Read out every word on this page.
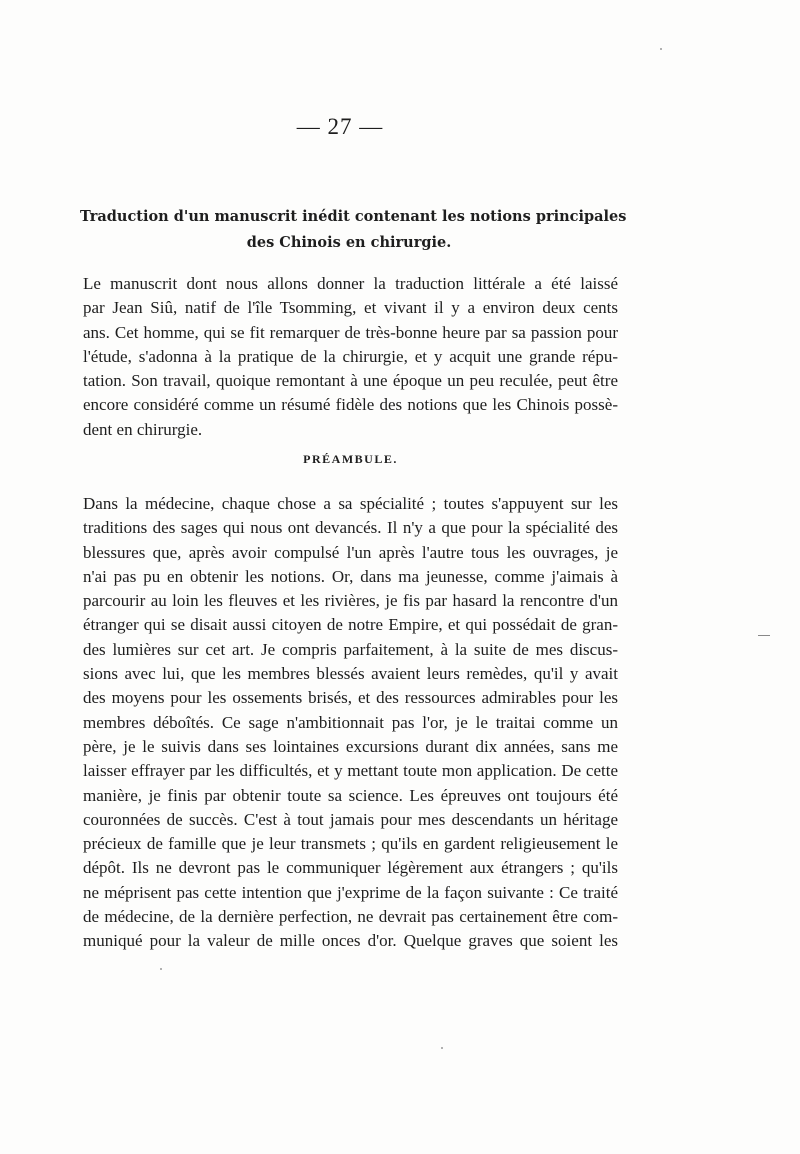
— 27 —
Traduction d'un manuscrit inédit contenant les notions principales
des Chinois en chirurgie.
Le manuscrit dont nous allons donner la traduction littérale a été laissé
par Jean Siû, natif de l'île Tsomming, et vivant il y a environ deux cents
ans. Cet homme, qui se fit remarquer de très-bonne heure par sa passion pour
l'étude, s'adonna à la pratique de la chirurgie, et y acquit une grande répu-
tation. Son travail, quoique remontant à une époque un peu reculée, peut être
encore considéré comme un résumé fidèle des notions que les Chinois possè-
dent en chirurgie.
PRÉAMBULE.
Dans la médecine, chaque chose a sa spécialité ; toutes s'appuyent sur les
traditions des sages qui nous ont devancés. Il n'y a que pour la spécialité des
blessures que, après avoir compulsé l'un après l'autre tous les ouvrages, je
n'ai pas pu en obtenir les notions. Or, dans ma jeunesse, comme j'aimais à
parcourir au loin les fleuves et les rivières, je fis par hasard la rencontre d'un
étranger qui se disait aussi citoyen de notre Empire, et qui possédait de gran-
des lumières sur cet art. Je compris parfaitement, à la suite de mes discus-
sions avec lui, que les membres blessés avaient leurs remèdes, qu'il y avait
des moyens pour les ossements brisés, et des ressources admirables pour les
membres déboîtés. Ce sage n'ambitionnait pas l'or, je le traitai comme un
père, je le suivis dans ses lointaines excursions durant dix années, sans me
laisser effrayer par les difficultés, et y mettant toute mon application. De cette
manière, je finis par obtenir toute sa science. Les épreuves ont toujours été
couronnées de succès. C'est à tout jamais pour mes descendants un héritage
précieux de famille que je leur transmets ; qu'ils en gardent religieusement le
dépôt. Ils ne devront pas le communiquer légèrement aux étrangers ; qu'ils
ne méprisent pas cette intention que j'exprime de la façon suivante : Ce traité
de médecine, de la dernière perfection, ne devrait pas certainement être com-
muniqué pour la valeur de mille onces d'or. Quelque graves que soient les
